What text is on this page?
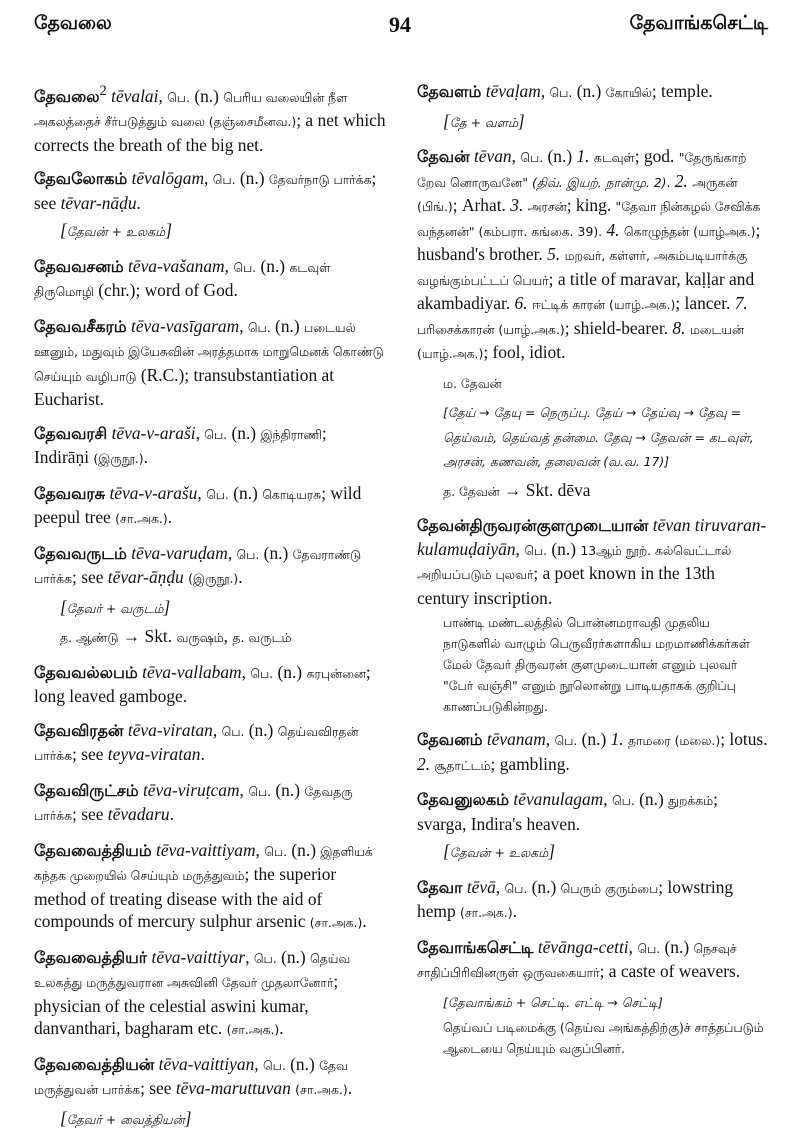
தேவலை	94	தேவாங்கசெட்டி
தேவலை$^2$ tēvalai, பெ. (n.) பெரிய வலையின் நீள அகலத்தைச் சீர்படுத்தும் வலை (தஞ்சைமீனவ.); a net which corrects the breath of the big net.
தேவலோகம் tēvalōgam, பெ. (n.) தேவர்நாடு பார்க்க; see tēvar-nāḍu.
[தேவன் + உலகம்]
தேவவசனம் tēva-vašanam, பெ. (n.) கடவுள் திருமொழி (chr.); word of God.
தேவவசீகரம் tēva-vasīgaram, பெ. (n.) படையல் ஊனும், மதுவும் இயேசுவின் அரத்தமாக மாறுமெனக் கொண்டு செய்யும் வழிபாடு (R.C.); transubstantiation at Eucharist.
தேவவரசி tēva-v-araši, பெ. (n.) இந்திராணி; Indirāṇi (இருநூ.).
தேவவரசு tēva-v-arašu, பெ. (n.) கொடியரசு; wild peepul tree (சா.அக.).
தேவவருடம் tēva-varuḍam, பெ. (n.) தேவராண்டு பார்க்க; see tēvar-āṇḍu (இருநூ.).
[தேவர் + வருடம்]
த. ஆண்டு → Skt. வருஷம், த. வருடம்
தேவவல்லபம் tēva-vallabam, பெ. (n.) சுரபுன்னை; long leaved gamboge.
தேவவிரதன் tēva-viratan, பெ. (n.) தெய்வவிரதன் பார்க்க; see teyva-viratan.
தேவவிருட்சம் tēva-viruṭcam, பெ. (n.) தேவதரு பார்க்க; see tēvadaru.
தேவவைத்தியம் tēva-vaittiyam, பெ. (n.) இதளியக் கந்தக முறையில் செய்யும் மருத்துவம்; the superior method of treating disease with the aid of compounds of mercury sulphur arsenic (சா.அக.).
தேவவைத்தியர் tēva-vaittiyar, பெ. (n.) தெய்வ உலகத்து மருத்துவரான அசுவினி தேவர் முதலானோர்; physician of the celestial aswini kumar, danvanthari, bagharam etc. (சா.அக.).
தேவவைத்தியன் tēva-vaittiyan, பெ. (n.) தேவ மருத்துவன் பார்க்க; see tēva-maruttuvan (சா.அக.).
[தேவர் + வைத்தியன்]
தேவளம் tēvaḷam, பெ. (n.) கோயில்; temple.
[தே + வளம்]
தேவன் tēvan, பெ. (n.) 1. கடவுள்; god. "தேருங்காற் றேவ னொருவனே" (திவ். இயற். நான்மு. 2). 2. அருகன் (பிங்.); Arhat. 3. அரசன்; king. "தேவா நின்கழல் சேவிக்க வந்தனன்" (கம்பரா. கங்கை. 39). 4. கொழுந்தன் (யாழ்அக.); husband's brother. 5. மறவர், கள்ளர், அகம்படியார்க்கு வழங்கும்பட்டப் பெயர்; a title of maravar, kaḷḷar and akambadiyar. 6. ஈட்டிக் காரன் (யாழ்.அக.); lancer. 7. பரிசைக்காரன் (யாழ்.அக.); shield-bearer. 8. மடையன் (யாழ்.அக.); fool, idiot.
ம. தேவன்
[தேய் → தேயு = நெருப்பு. தேய் → தேய்வு → தேவு = தெய்வம், தெய்வத் தன்மை. தேவு → தேவன் = கடவுள், அரசன், கணவன், தலைவன் (வ.வ. 17)]
த. தேவன் → Skt. dēva
தேவன்திருவரன்குளமுடையான் tēvan tiruvaran-kulamuḍaiyān, பெ. (n.) 13ஆம் நூற். கல்வெட்டால் அறியப்படும் புலவர்; a poet known in the 13th century inscription.
பாண்டி மண்டலத்தில் பொன்னமராவதி முதலிய நாடுகளில் வாழும் பெருவீரர்களாகிய மறமாணிக்கர்கள் மேல் தேவர் திருவரன் குளமுடையான் எனும் புலவர் "பேர் வஞ்சி" எனும் நூலொன்று பாடியதாகக் குறிப்பு காணப்படுகின்றது.
தேவனம் tēvanam, பெ. (n.) 1. தாமரை (மலை.); lotus. 2. சூதாட்டம்; gambling.
தேவனுலகம் tēvanulagam, பெ. (n.) துறக்கம்; svarga, Indira's heaven.
[தேவன் + உலகம்]
தேவா tēvā, பெ. (n.) பெரும் குரும்பை; lowstring hemp (சா.அக.).
தேவாங்கசெட்டி tēvānga-cetti, பெ. (n.) நெசவுச் சாதிப்பிரிவினருள் ஒருவகையார்; a caste of weavers.
[தேவாங்கம் + செட்டி. எட்டி → செட்டி]
தெய்வப் படிமைக்கு (தெய்வ அங்கத்திற்கு)ச் சாத்தப்படும் ஆடையை நெய்யும் வகுப்பினர்.
